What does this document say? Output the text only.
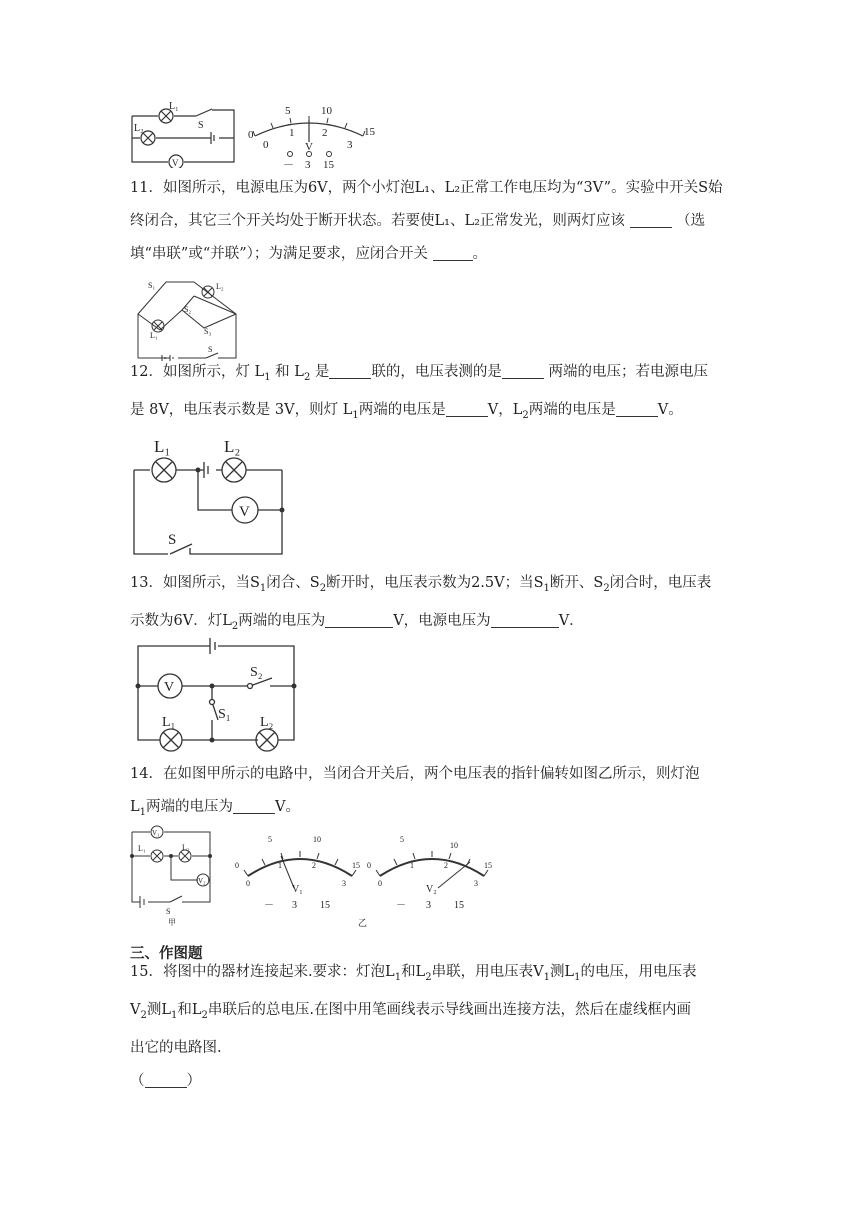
L₁
L₂	S
V
5	10
15
0	1	2
0	3
V
－ 3 15
11．如图所示，电源电压为6V，两个小灯泡L₁、L₂正常工作电压均为“3V”。实验中开关S始终闭合，其它三个开关均处于断开状态。若要使L₁、L₂正常发光，则两灯应该	（选填“串联”或“并联”）；为满足要求，应闭合开关	。
S₁	L₂
S₂
S₃
L₁
S
12．如图所示，灯 $L_1$ 和 $L_2$ 是	联的，电压表测的是	两端的电压；若电源电压
是 8V，电压表示数是 3V，则灯 $L_1$两端的电压是	V，$L_2$两端的电压是	V。
L₁	L₂
V
S
13．如图所示，当$S_1$闭合、$S_2$断开时，电压表示数为2.5V；当$S_1$断开、$S_2$闭合时，电压表
示数为6V．灯$L_2$两端的电压为	V，电源电压为	V．
V
S₂
S₁
L₁	L₂
14．在如图甲所示的电路中，当闭合开关后，两个电压表的指针偏转如图乙所示，则灯泡
$L_1$两端的电压为	V。
V₁
L₁	L₂
V₂
S
甲
0
5	10
15
0
1	2
3
V₁
－ 3 15
0
5
10
15
0
1	2
3
V₂
－ 3 15
乙
三、作图题
15．将图中的器材连接起来.要求：灯泡$L_1$和$L_2$串联，用电压表$V_1$测$L_1$的电压，用电压表
$V_2$测$L_1$和$L_2$串联后的总电压.在图中用笔画线表示导线画出连接方法，然后在虚线框内画
出它的电路图.
（	）
